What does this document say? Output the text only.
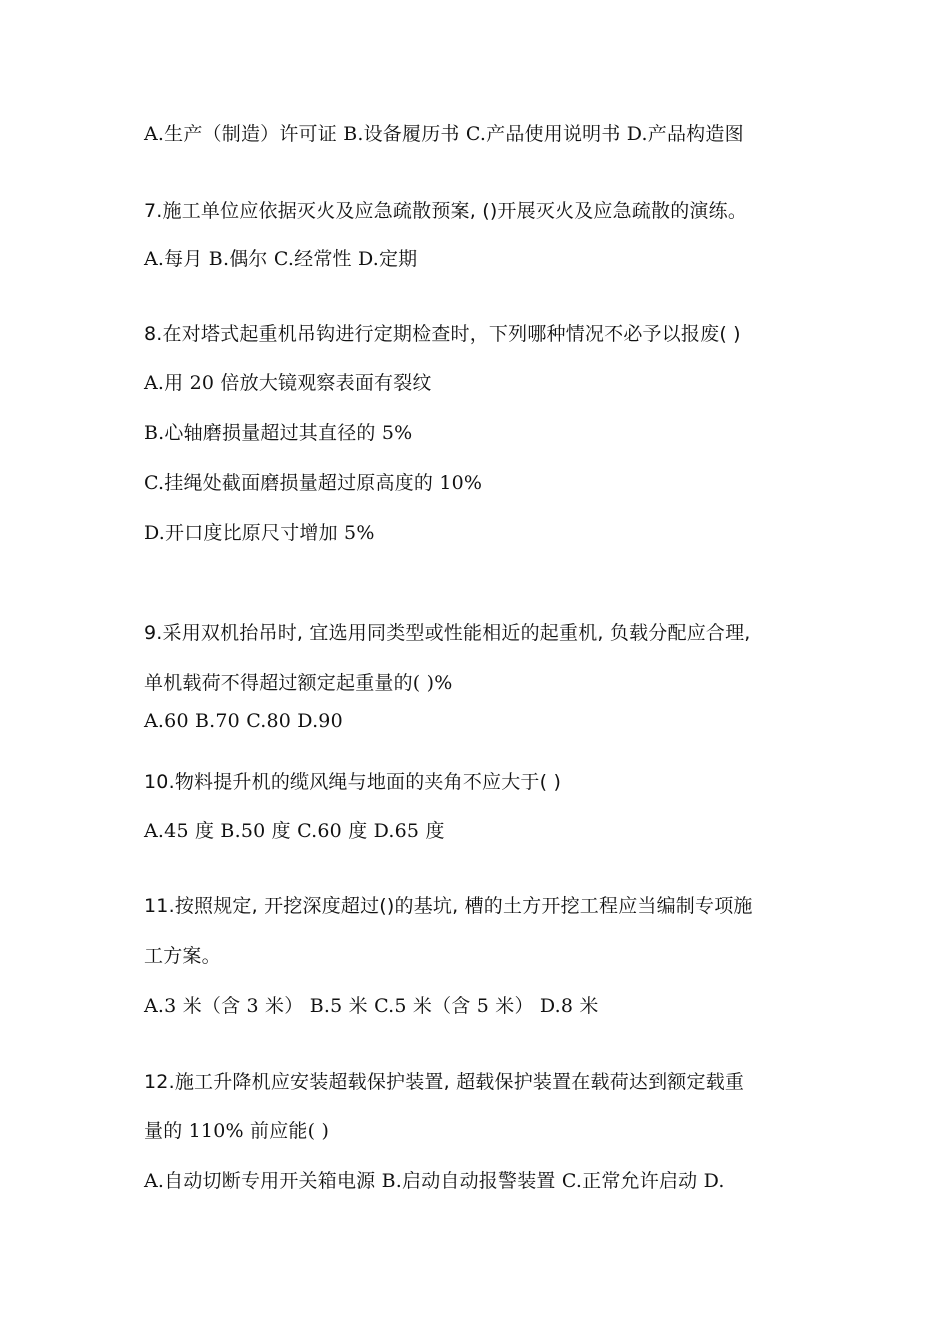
A.生产（制造）许可证 B.设备履历书 C.产品使用说明书 D.产品构造图
7.施工单位应依据灭火及应急疏散预案, ()开展灭火及应急疏散的演练。
A.每月 B.偶尔 C.经常性 D.定期
8.在对塔式起重机吊钩进行定期检查时，下列哪种情况不必予以报废( )
A.用 20 倍放大镜观察表面有裂纹
B.心轴磨损量超过其直径的 5%
C.挂绳处截面磨损量超过原高度的 10%
D.开口度比原尺寸增加 5%
9.采用双机抬吊时, 宜选用同类型或性能相近的起重机, 负载分配应合理,
单机载荷不得超过额定起重量的( )%
A.60 B.70 C.80 D.90
10.物料提升机的缆风绳与地面的夹角不应大于( )
A.45 度 B.50 度 C.60 度 D.65 度
11.按照规定, 开挖深度超过()的基坑, 槽的土方开挖工程应当编制专项施
工方案。
A.3 米（含 3 米） B.5 米 C.5 米（含 5 米） D.8 米
12.施工升降机应安装超载保护装置, 超载保护装置在载荷达到额定载重
量的 110% 前应能( )
A.自动切断专用开关箱电源 B.启动自动报警装置 C.正常允许启动 D.
